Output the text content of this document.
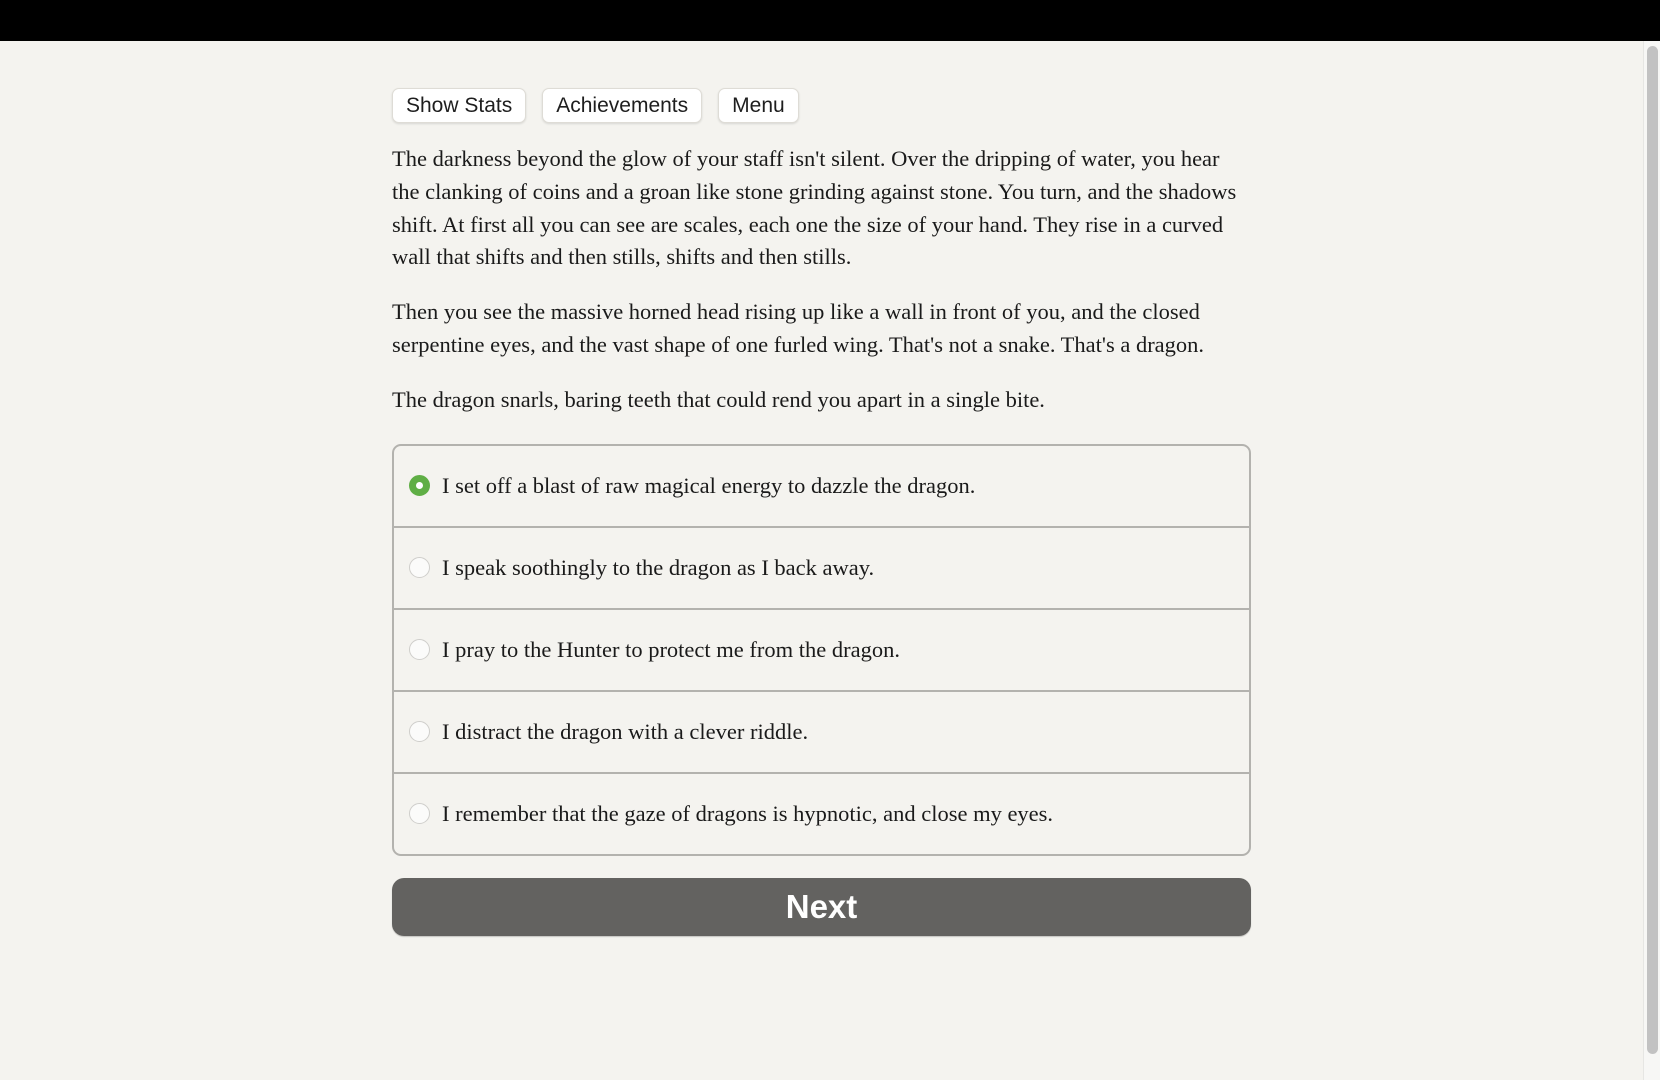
Show Stats	Achievements	Menu

The darkness beyond the glow of your staff isn't silent. Over the dripping of water, you hear the clanking of coins and a groan like stone grinding against stone. You turn, and the shadows shift. At first all you can see are scales, each one the size of your hand. They rise in a curved wall that shifts and then stills, shifts and then stills.

Then you see the massive horned head rising up like a wall in front of you, and the closed serpentine eyes, and the vast shape of one furled wing. That's not a snake. That's a dragon.

The dragon snarls, baring teeth that could rend you apart in a single bite.

I set off a blast of raw magical energy to dazzle the dragon.
I speak soothingly to the dragon as I back away.
I pray to the Hunter to protect me from the dragon.
I distract the dragon with a clever riddle.
I remember that the gaze of dragons is hypnotic, and close my eyes.
Next
